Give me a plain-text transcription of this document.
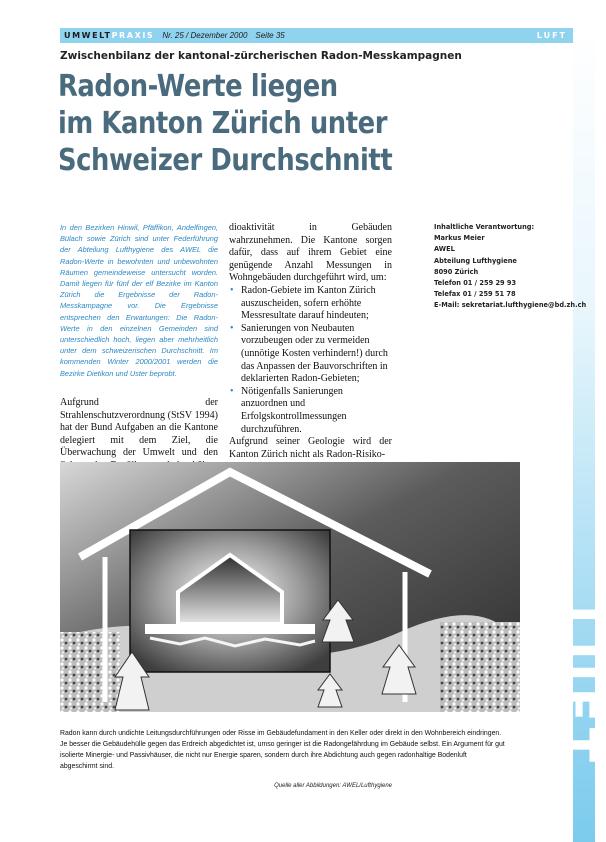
UMWELTPRAXIS Nr. 25 / Dezember 2000 Seite 35	LUFT
LUFT
Zwischenbilanz der kantonal-zürcherischen Radon-Messkampagnen
Radon-Werte liegen
im Kanton Zürich unter
Schweizer Durchschnitt

In den Bezirken Hinwil, Pfäffikon, Andelfingen, Bülach sowie Zürich sind unter Federführung der Abteilung Lufthygiene des AWEL die Radon-Werte in bewohnten und unbewohnten Räumen gemeindeweise untersucht worden. Damit liegen für fünf der elf Bezirke im Kanton Zürich die Ergebnisse der Radon-Messkampagne vor. Die Ergebnisse entsprechen den Erwartungen: Die Radon-Werte in den einzelnen Gemeinden sind unterschiedlich hoch, liegen aber mehrheitlich unter dem schweizerischen Durchschnitt. Im kommenden Winter 2000/2001 werden die Bezirke Dietikon und Uster beprobt.

Aufgrund der Strahlenschutzverordnung (StSV 1994) hat der Bund Aufgaben an die Kantone delegiert mit dem Ziel, die Überwachung der Umwelt und den

dioaktivität in Gebäuden wahrzunehmen. Die Kantone sorgen dafür, dass auf ihrem Gebiet eine genügende Anzahl Messungen in Wohngebäuden durchgeführt wird, um:
• Radon-Gebiete im Kanton Zürich auszuscheiden, sofern erhöhte Messresultate darauf hindeuten;
• Sanierungen von Neubauten vorzubeugen oder zu vermeiden (unnötige Kosten verhindern!) durch das Anpassen der Bauvorschriften in deklarierten Radon-Gebieten;
• Nötigenfalls Sanierungen anzuordnen und Erfolgskontrollmessungen durchzuführen.
Aufgrund seiner Geologie wird der Kanton Zürich nicht als Radon-Risiko-
Inhaltliche Verantwortung:
Markus Meier
AWEL
Abteilung Lufthygiene
8090 Zürich
Telefon 01 / 259 29 93
Telefax 01 / 259 51 78
E-Mail: sekretariat.lufthygiene@bd.zh.ch

Radon kann durch undichte Leitungsdurchführungen oder Risse im Gebäudefundament in den Keller oder direkt in den Wohnbereich eindringen. Je besser die Gebäudehülle gegen das Erdreich abgedichtet ist, umso geringer ist die Radongefährdung im Gebäude selbst. Ein Argument für gut isolierte Minergie- und Passivhäuser, die nicht nur Energie sparen, sondern durch ihre Abdichtung auch gegen radonhaltige Bodenluft abgeschirmt sind.

Quelle aller Abbildungen: AWEL/Lufthygiene
